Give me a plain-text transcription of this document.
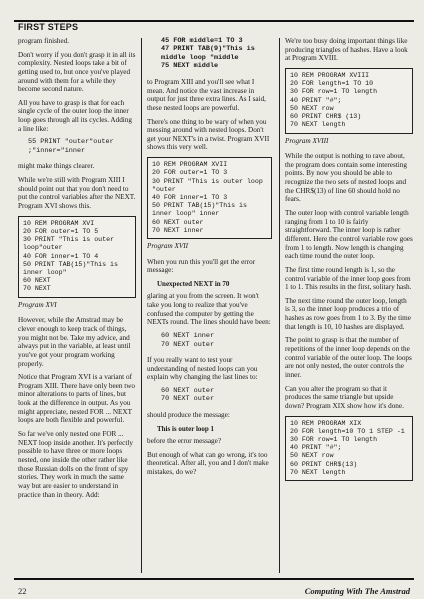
FIRST STEPS

program finished.

Don't worry if you don't grasp it in all its complexity. Nested loops take a bit of getting used to, but once you've played around with them for a while they become second nature.

All you have to grasp is that for each single cycle of the outer loop the inner loop goes through all its cycles. Adding a line like:

55 PRINT "outer"outer
;"inner="inner

might make things clearer.

While we're still with Program XIII I should point out that you don't need to put the control variables after the NEXT. Program XVI shows this.

10 REM PROGRAM XVI
20 FOR outer=1 TO 5
30 PRINT "This is outer loop"outer
40 FOR inner=1 TO 4
50 PRINT TAB(15)"This is inner loop"
60 NEXT
70 NEXT
Program XVI

However, while the Amstrad may be clever enough to keep track of things, you might not be. Take my advice, and always put in the variable, at least until you've got your program working properly.

Notice that Program XVI is a variant of Program XIII. There have only been two minor alterations to parts of lines, but look at the difference in output. As you might appreciate, nested FOR ... NEXT loops are both flexible and powerful.

So far we've only nested one FOR ... NEXT loop inside another. It's perfectly possible to have three or more loops nested, one inside the other rather like those Russian dolls on the front of spy stories. They work in much the same way but are easier to understand in practice than in theory. Add:

45 FOR middle=1 TO 3
47 PRINT TAB(9)"This is middle loop "middle
75 NEXT middle

to Program XIII and you'll see what I mean. And notice the vast increase in output for just three extra lines. As I said, these nested loops are powerful.

There's one thing to be wary of when you messing around with nested loops. Don't get your NEXT's in a twist. Program XVII shows this very well.

10 REM PROGRAM XVII
20 FOR outer=1 TO 3
30 PRINT "This is outer loop "outer
40 FOR inner=1 TO 3
50 PRINT TAB(15)"This is inner loop" inner
60 NEXT outer
70 NEXT inner
Program XVII

When you run this you'll get the error message:

Unexpected NEXT in 70

glaring at you from the screen. It won't take you long to realize that you've confused the computer by getting the NEXTs round. The lines should have been:

60 NEXT inner
70 NEXT outer

If you really want to test your understanding of nested loops can you explain why changing the last lines to:

60 NEXT outer
70 NEXT outer

should produce the message:

This is outer loop 1

before the error message?

But enough of what can go wrong, it's too theoretical. After all, you and I don't make mistakes, do we?

We're too busy doing important things like producing triangles of hashes. Have a look at Program XVIII.

10 REM PROGRAM XVIII
20 FOR length=1 TO 10
30 FOR row=1 TO length
40 PRINT "#";
50 NEXT row
60 PRINT CHR$ (13)
70 NEXT length
Program XVIII

While the output is nothing to rave about, the program does contain some interesting points. By now you should be able to recognize the two sets of nested loops and the CHR$(13) of line 60 should hold no fears.

The outer loop with control variable length ranging from 1 to 10 is fairly straightforward. The inner loop is rather different. Here the control variable row goes from 1 to length. Now length is changing each time round the outer loop.

The first time round length is 1, so the control variable of the inner loop goes from 1 to 1. This results in the first, solitary hash.

The next time round the outer loop, length is 3, so the inner loop produces a trio of hashes as row goes from 1 to 3. By the time that length is 10, 10 hashes are displayed.

The point to grasp is that the number of repetitions of the inner loop depends on the control variable of the outer loop. The loops are not only nested, the outer controls the inner.

Can you alter the program so that it produces the same triangle but upside down? Program XIX show how it's done.

10 REM PROGRAM XIX
20 FOR length=10 TO 1 STEP -1
30 FOR row=1 TO length
40 PRINT "#";
50 NEXT row
60 PRINT CHR$(13)
70 NEXT length
22	Computing With The Amstrad
